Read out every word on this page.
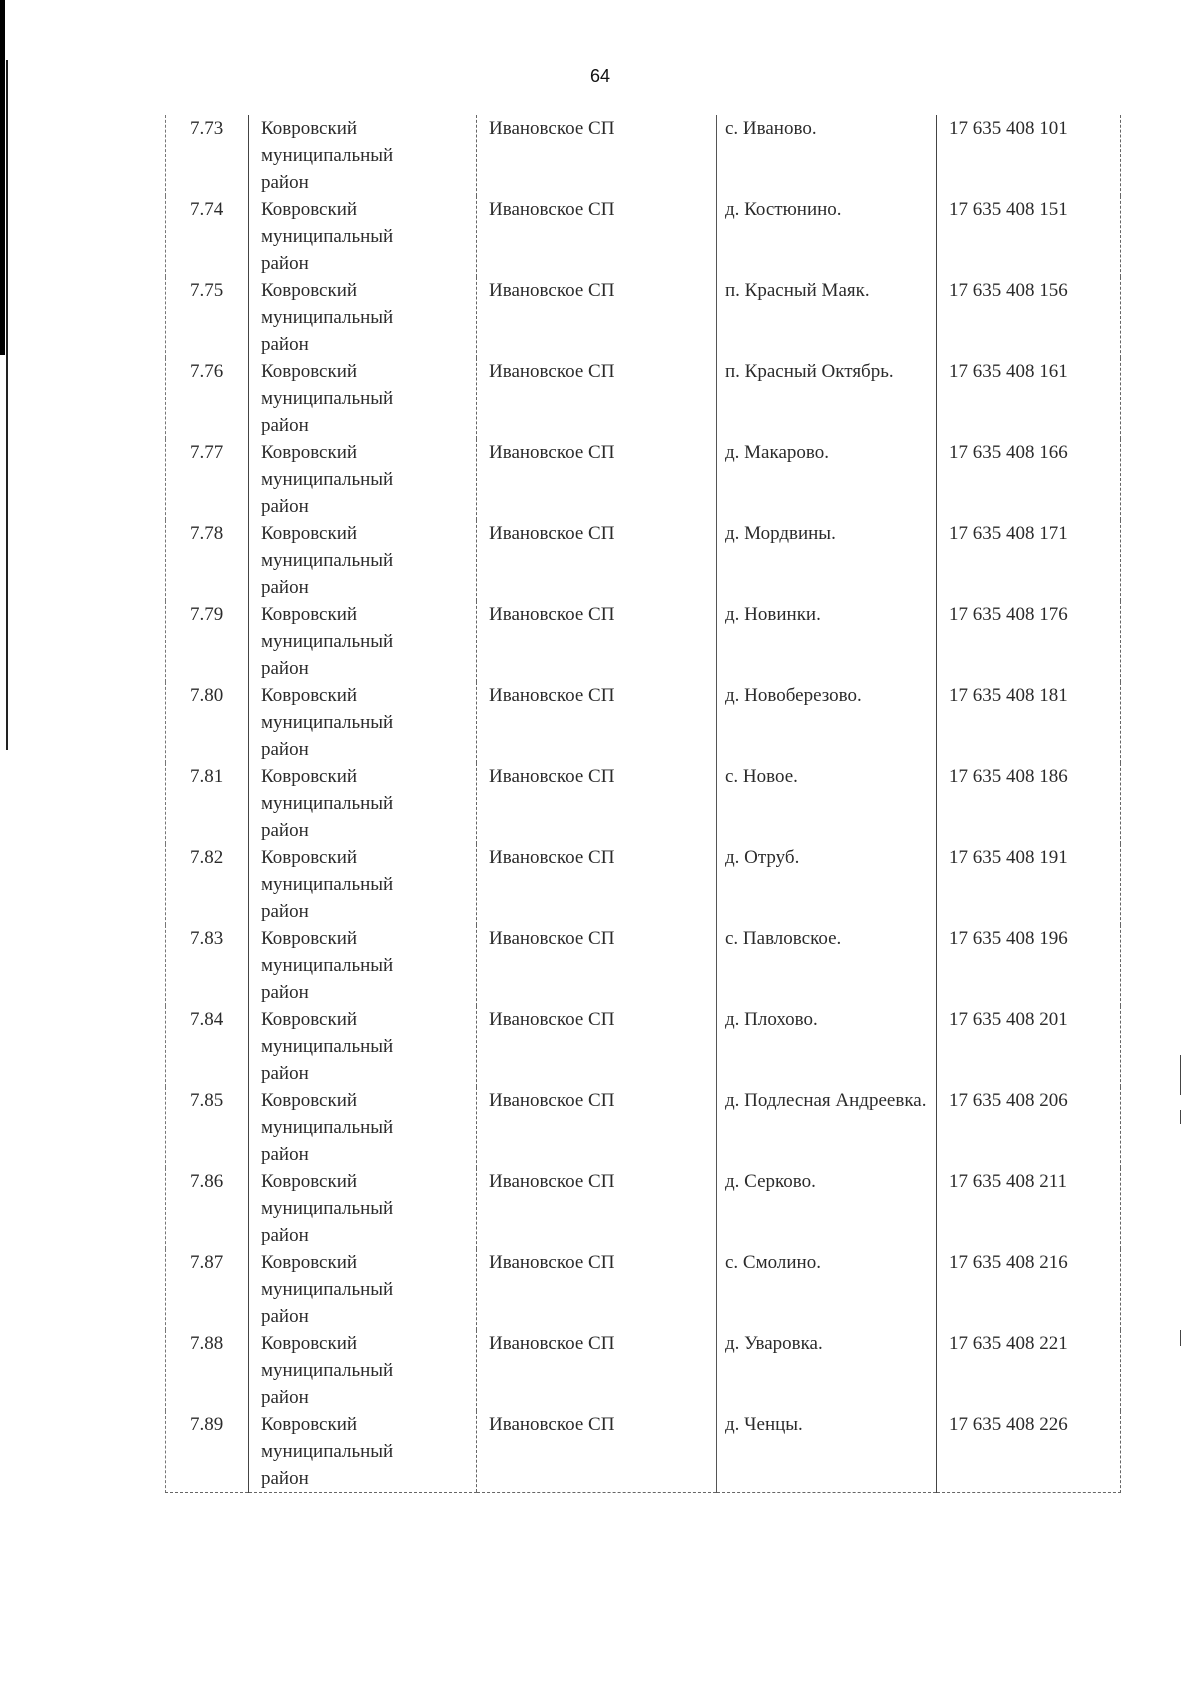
64
7.73	Ковровский
муниципальный
район	Ивановское СП	с. Иваново.	17 635 408 101
7.74	Ковровский
муниципальный
район	Ивановское СП	д. Костюнино.	17 635 408 151
7.75	Ковровский
муниципальный
район	Ивановское СП	п. Красный Маяк.	17 635 408 156
7.76	Ковровский
муниципальный
район	Ивановское СП	п. Красный Октябрь.	17 635 408 161
7.77	Ковровский
муниципальный
район	Ивановское СП	д. Макарово.	17 635 408 166
7.78	Ковровский
муниципальный
район	Ивановское СП	д. Мордвины.	17 635 408 171
7.79	Ковровский
муниципальный
район	Ивановское СП	д. Новинки.	17 635 408 176
7.80	Ковровский
муниципальный
район	Ивановское СП	д. Новоберезово.	17 635 408 181
7.81	Ковровский
муниципальный
район	Ивановское СП	с. Новое.	17 635 408 186
7.82	Ковровский
муниципальный
район	Ивановское СП	д. Отруб.	17 635 408 191
7.83	Ковровский
муниципальный
район	Ивановское СП	с. Павловское.	17 635 408 196
7.84	Ковровский
муниципальный
район	Ивановское СП	д. Плохово.	17 635 408 201
7.85	Ковровский
муниципальный
район	Ивановское СП	д. Подлесная Андреевка.	17 635 408 206
7.86	Ковровский
муниципальный
район	Ивановское СП	д. Серково.	17 635 408 211
7.87	Ковровский
муниципальный
район	Ивановское СП	с. Смолино.	17 635 408 216
7.88	Ковровский
муниципальный
район	Ивановское СП	д. Уваровка.	17 635 408 221
7.89	Ковровский
муниципальный
район	Ивановское СП	д. Ченцы.	17 635 408 226
